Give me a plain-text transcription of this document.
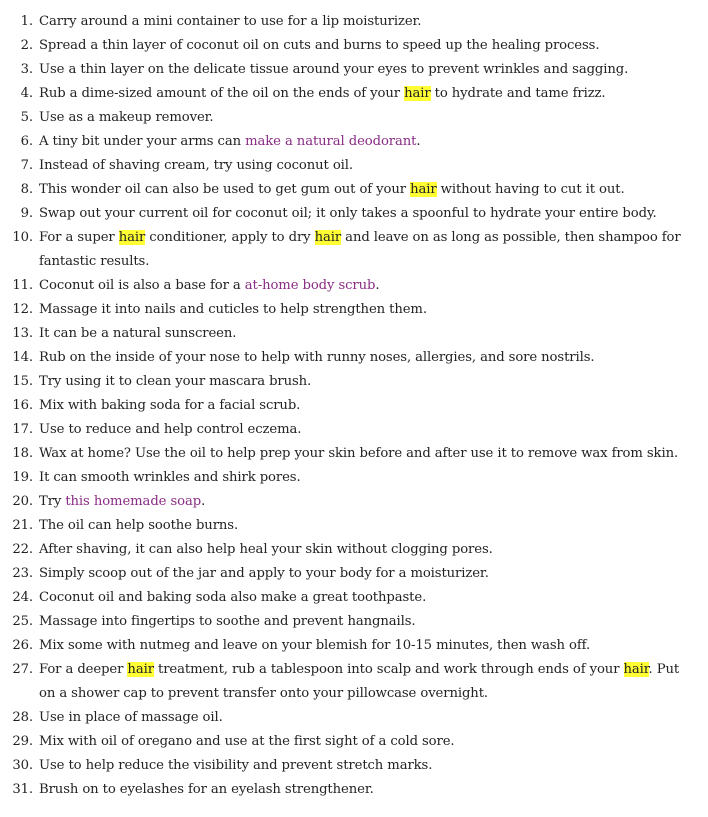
1. Carry around a mini container to use for a lip moisturizer.
2. Spread a thin layer of coconut oil on cuts and burns to speed up the healing process.
3. Use a thin layer on the delicate tissue around your eyes to prevent wrinkles and sagging.
4. Rub a dime-sized amount of the oil on the ends of your hair to hydrate and tame frizz.
5. Use as a makeup remover.
6. A tiny bit under your arms can make a natural deodorant.
7. Instead of shaving cream, try using coconut oil.
8. This wonder oil can also be used to get gum out of your hair without having to cut it out.
9. Swap out your current oil for coconut oil; it only takes a spoonful to hydrate your entire body.
10. For a super hair conditioner, apply to dry hair and leave on as long as possible, then shampoo for fantastic results.
11. Coconut oil is also a base for a at-home body scrub.
12. Massage it into nails and cuticles to help strengthen them.
13. It can be a natural sunscreen.
14. Rub on the inside of your nose to help with runny noses, allergies, and sore nostrils.
15. Try using it to clean your mascara brush.
16. Mix with baking soda for a facial scrub.
17. Use to reduce and help control eczema.
18. Wax at home? Use the oil to help prep your skin before and after use it to remove wax from skin.
19. It can smooth wrinkles and shirk pores.
20. Try this homemade soap.
21. The oil can help soothe burns.
22. After shaving, it can also help heal your skin without clogging pores.
23. Simply scoop out of the jar and apply to your body for a moisturizer.
24. Coconut oil and baking soda also make a great toothpaste.
25. Massage into fingertips to soothe and prevent hangnails.
26. Mix some with nutmeg and leave on your blemish for 10-15 minutes, then wash off.
27. For a deeper hair treatment, rub a tablespoon into scalp and work through ends of your hair. Put on a shower cap to prevent transfer onto your pillowcase overnight.
28. Use in place of massage oil.
29. Mix with oil of oregano and use at the first sight of a cold sore.
30. Use to help reduce the visibility and prevent stretch marks.
31. Brush on to eyelashes for an eyelash strengthener.
